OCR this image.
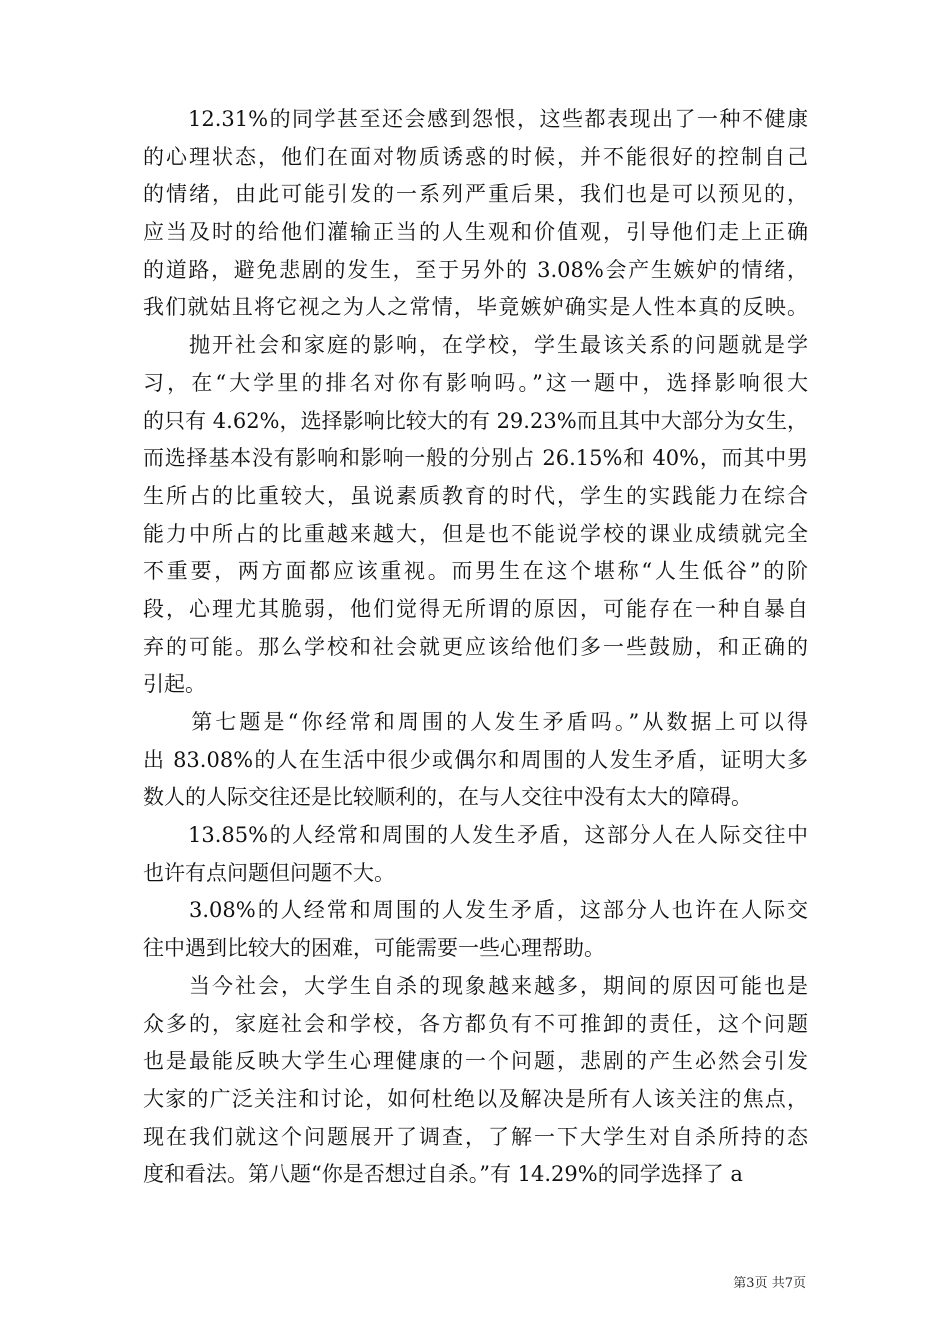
　　12.31%的同学甚至还会感到怨恨，这些都表现出了一种不健康
的心理状态，他们在面对物质诱惑的时候，并不能很好的控制自己
的情绪，由此可能引发的一系列严重后果，我们也是可以预见的，
应当及时的给他们灌输正当的人生观和价值观，引导他们走上正确
的道路，避免悲剧的发生，至于另外的 3.08%会产生嫉妒的情绪，
我们就姑且将它视之为人之常情，毕竟嫉妒确实是人性本真的反映。
　　抛开社会和家庭的影响，在学校，学生最该关系的问题就是学
习，在“大学里的排名对你有影响吗。”这一题中，选择影响很大
的只有 4.62%，选择影响比较大的有 29.23%而且其中大部分为女生，
而选择基本没有影响和影响一般的分别占 26.15%和 40%，而其中男
生所占的比重较大，虽说素质教育的时代，学生的实践能力在综合
能力中所占的比重越来越大，但是也不能说学校的课业成绩就完全
不重要，两方面都应该重视。而男生在这个堪称“人生低谷”的阶
段，心理尤其脆弱，他们觉得无所谓的原因，可能存在一种自暴自
弃的可能。那么学校和社会就更应该给他们多一些鼓励，和正确的
引起。
　　第七题是“你经常和周围的人发生矛盾吗。”从数据上可以得
出 83.08%的人在生活中很少或偶尔和周围的人发生矛盾，证明大多
数人的人际交往还是比较顺利的，在与人交往中没有太大的障碍。
　　13.85%的人经常和周围的人发生矛盾，这部分人在人际交往中
也许有点问题但问题不大。
　　3.08%的人经常和周围的人发生矛盾，这部分人也许在人际交
往中遇到比较大的困难，可能需要一些心理帮助。
　　当今社会，大学生自杀的现象越来越多，期间的原因可能也是
众多的，家庭社会和学校，各方都负有不可推卸的责任，这个问题
也是最能反映大学生心理健康的一个问题，悲剧的产生必然会引发
大家的广泛关注和讨论，如何杜绝以及解决是所有人该关注的焦点，
现在我们就这个问题展开了调查，了解一下大学生对自杀所持的态
度和看法。第八题“你是否想过自杀。”有 14.29%的同学选择了 a
第3页 共7页
